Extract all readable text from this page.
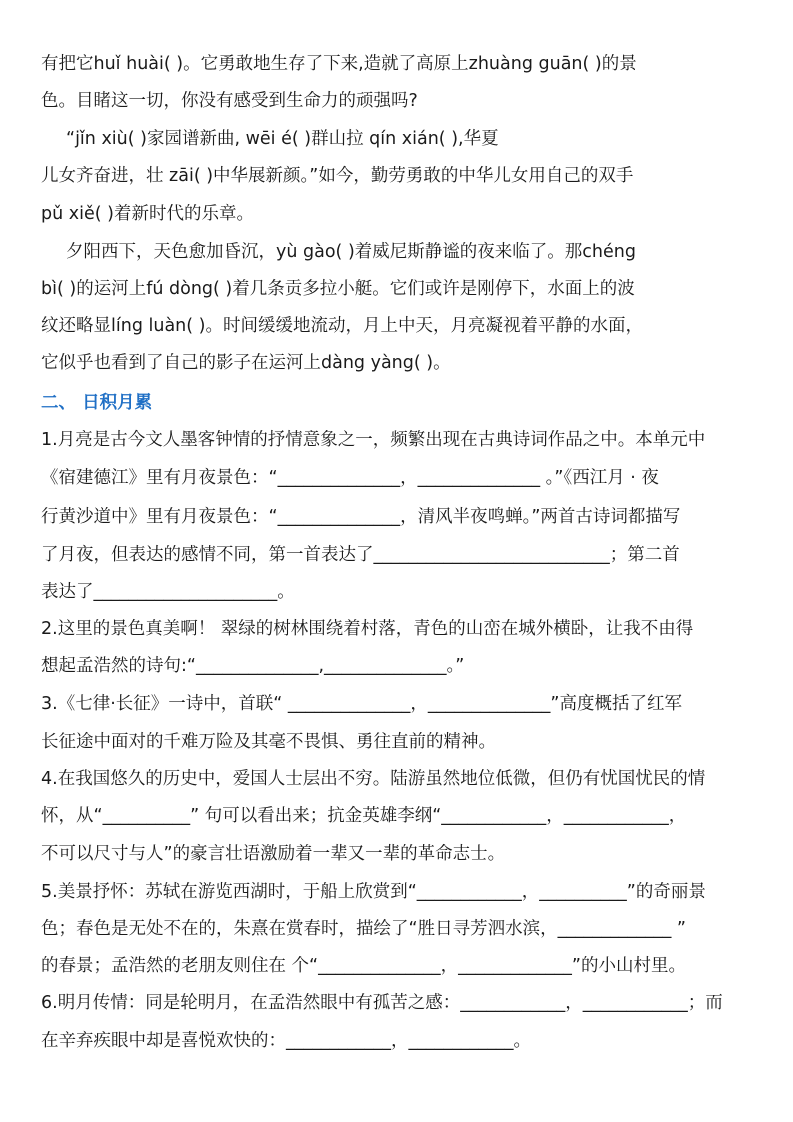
有把它huǐ huài( )。它勇敢地生存了下来,造就了高原上zhuàng guān( )的景
色。目睹这一切，你没有感受到生命力的顽强吗?
“jǐn xiù( )家园谱新曲, wēi é( )群山拉 qín xián( ),华夏
儿女齐奋进，壮 zāi( )中华展新颜。”如今，勤劳勇敢的中华儿女用自己的双手
pǔ xiě( )着新时代的乐章。
夕阳西下，天色愈加昏沉，yù gào( )着威尼斯静谧的夜来临了。那chéng
bì( )的运河上fú dòng( )着几条贡多拉小艇。它们或许是刚停下，水面上的波
纹还略显líng luàn( )。时间缓缓地流动，月上中天，月亮凝视着平静的水面，
它似乎也看到了自己的影子在运河上dàng yàng( )。
二、 日积月累
1.月亮是古今文人墨客钟情的抒情意象之一，频繁出现在古典诗词作品之中。本单元中
《宿建德江》里有月夜景色：“______________，______________ 。”《西江月 · 夜
行黄沙道中》里有月夜景色：“______________，清风半夜鸣蝉。”两首古诗词都描写
了月夜，但表达的感情不同，第一首表达了___________________________；第二首
表达了_____________________。
2.这里的景色真美啊！ 翠绿的树林围绕着村落，青色的山峦在城外横卧，让我不由得
想起孟浩然的诗句:“______________,______________。”
3.《七律·长征》一诗中，首联“ ______________，______________”高度概括了红军
长征途中面对的千难万险及其毫不畏惧、勇往直前的精神。
4.在我国悠久的历史中，爱国人士层出不穷。陆游虽然地位低微，但仍有忧国忧民的情
怀，从“__________” 句可以看出来；抗金英雄李纲“____________，____________，
不可以尺寸与人”的豪言壮语激励着一辈又一辈的革命志士。
5.美景抒怀：苏轼在游览西湖时，于船上欣赏到“____________，__________”的奇丽景
色；春色是无处不在的，朱熹在赏春时，描绘了“胜日寻芳泗水滨，_____________ ”
的春景；孟浩然的老朋友则住在 个“______________，_____________”的小山村里。
6.明月传情：同是轮明月，在孟浩然眼中有孤苦之感：____________，____________；而
在辛弃疾眼中却是喜悦欢快的：____________，____________。
